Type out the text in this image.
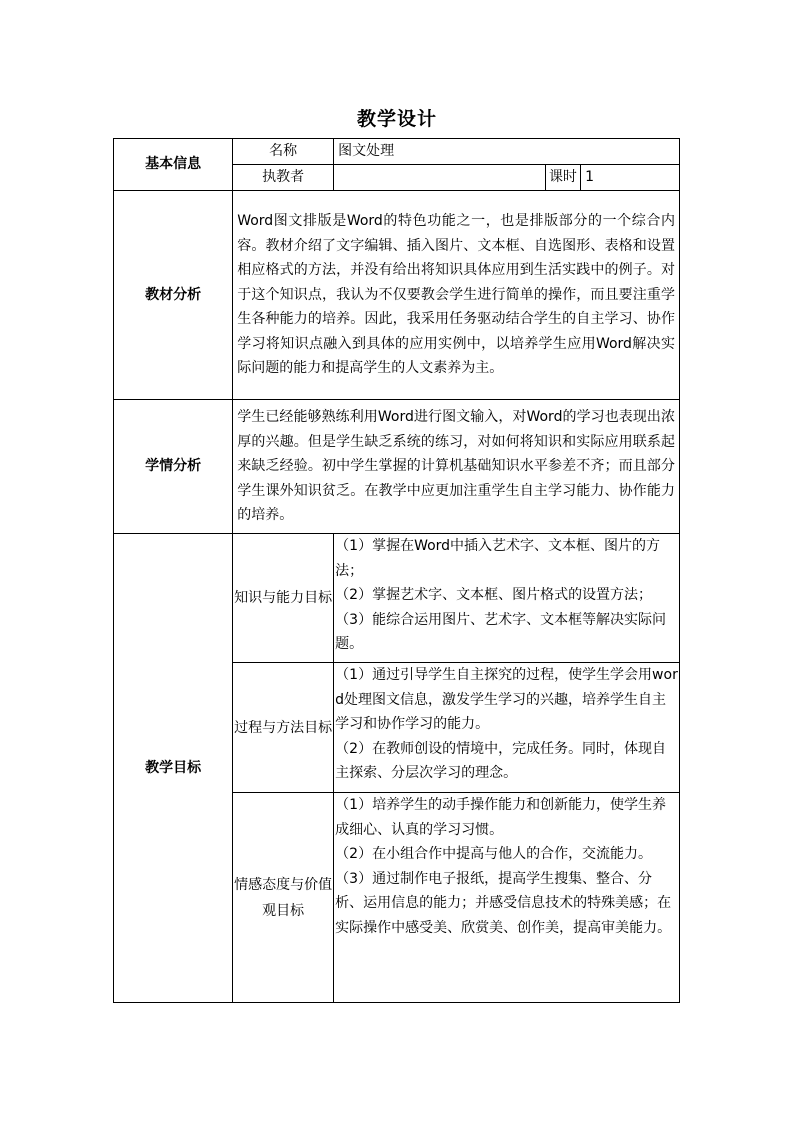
教学设计
基本信息	名称	图文处理		
	执教者		课时	1
教材分析	Word图文排版是Word的特色功能之一，也是排版部分的一个综合内容。教材介绍了文字编辑、插入图片、文本框、自选图形、表格和设置相应格式的方法，并没有给出将知识具体应用到生活实践中的例子。对于这个知识点，我认为不仅要教会学生进行简单的操作，而且要注重学生各种能力的培养。因此，我采用任务驱动结合学生的自主学习、协作学习将知识点融入到具体的应用实例中，以培养学生应用Word解决实际问题的能力和提高学生的人文素养为主。			
学情分析	学生已经能够熟练利用Word进行图文输入，对Word的学习也表现出浓厚的兴趣。但是学生缺乏系统的练习，对如何将知识和实际应用联系起来缺乏经验。初中学生掌握的计算机基础知识水平参差不齐；而且部分学生课外知识贫乏。在教学中应更加注重学生自主学习能力、协作能力的培养。			
教学目标	知识与能力目标	（1）掌握在Word中插入艺术字、文本框、图片的方法；
（2）掌握艺术字、文本框、图片格式的设置方法；
（3）能综合运用图片、艺术字、文本框等解决实际问题。		

	过程与方法目标	（1）通过引导学生自主探究的过程，使学生学会用word处理图文信息，激发学生学习的兴趣，培养学生自主学习和协作学习的能力。
（2）在教师创设的情境中，完成任务。同时，体现自主探索、分层次学习的理念。		

	情感态度与价值观目标	（1）培养学生的动手操作能力和创新能力，使学生养成细心、认真的学习习惯。
（2）在小组合作中提高与他人的合作，交流能力。
（3）通过制作电子报纸，提高学生搜集、整合、分析、运用信息的能力；并感受信息技术的特殊美感；在实际操作中感受美、欣赏美、创作美，提高审美能力。		
